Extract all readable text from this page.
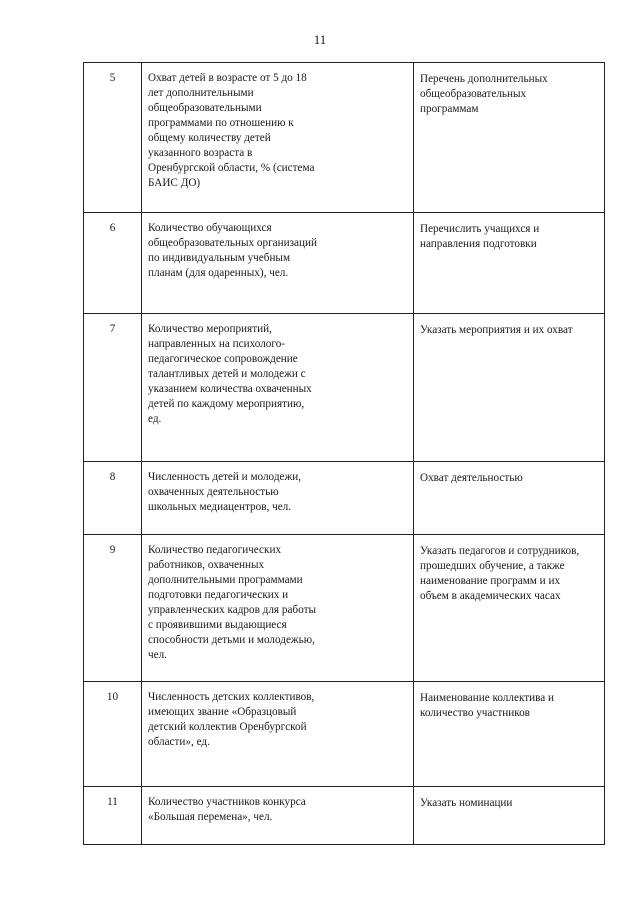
11
5	Охват детей в возрасте от 5 до 18 лет дополнительными общеобразовательными программами по отношению к общему количеству детей указанного возраста в Оренбургской области, % (система БАИС ДО)	Перечень дополнительных общеобразовательных программам

6	Количество обучающихся общеобразовательных организаций по индивидуальным учебным планам (для одаренных), чел.	Перечислить учащихся и направления подготовки

7	Количество мероприятий, направленных на психолого-педагогическое сопровождение талантливых детей и молодежи с указанием количества охваченных детей по каждому мероприятию, ед.	Указать мероприятия и их охват

8	Численность детей и молодежи, охваченных деятельностью школьных медиацентров, чел.	Охват деятельностью

9	Количество педагогических работников, охваченных дополнительными программами подготовки педагогических и управленческих кадров для работы с проявившими выдающиеся способности детьми и молодежью, чел.	Указать педагогов и сотрудников, прошедших обучение, а также наименование программ и их объем в академических часах

10	Численность детских коллективов, имеющих звание «Образцовый детский коллектив Оренбургской области», ед.	Наименование коллектива и количество участников

11	Количество участников конкурса «Большая перемена», чел.	Указать номинации
